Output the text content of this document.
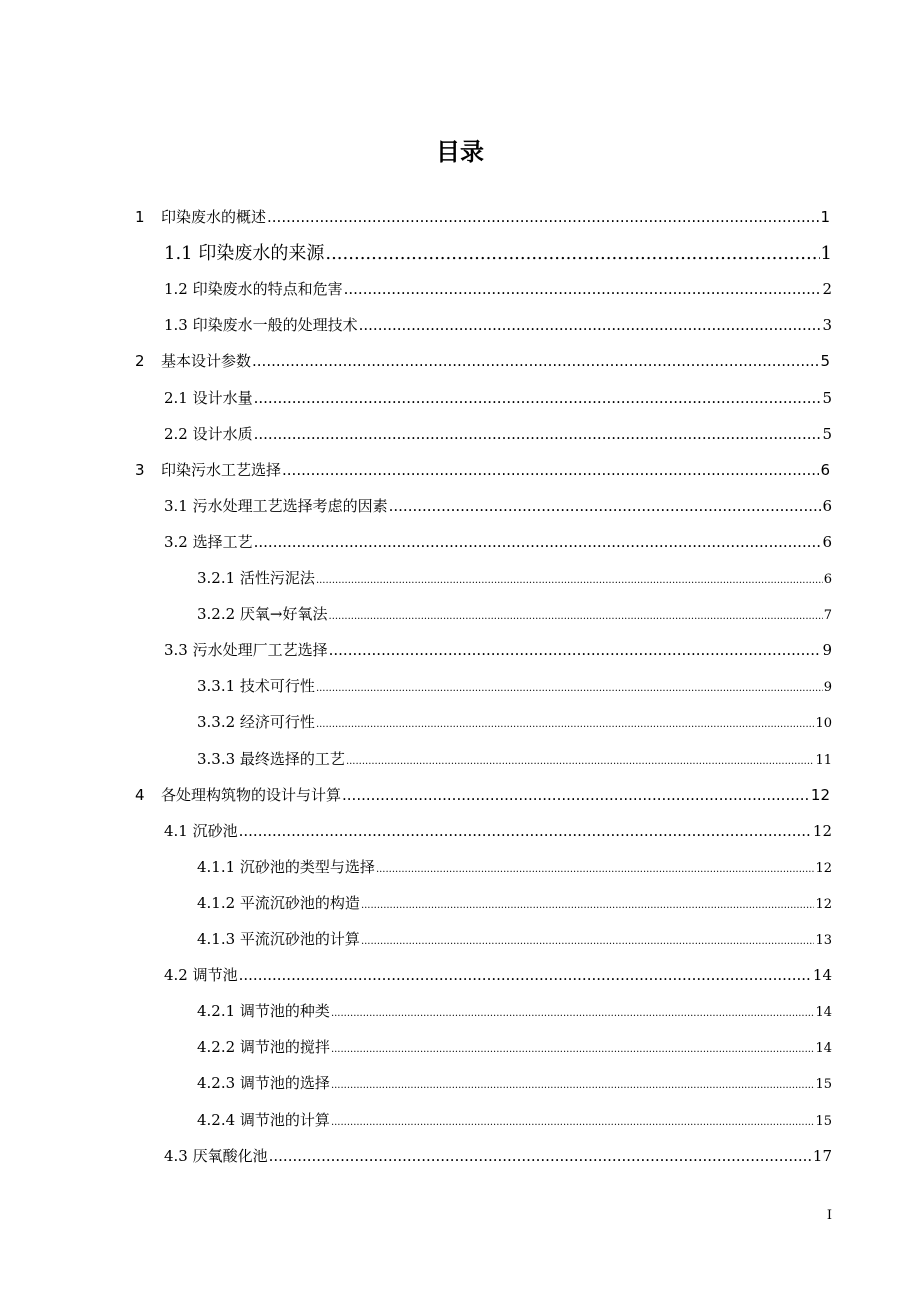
目录
1	印染废水的概述 .....	1
1.1 印染废水的来源 .....	1
1.2 印染废水的特点和危害 .....	2
1.3 印染废水一般的处理技术 .....	3
2	基本设计参数 .....	5
2.1 设计水量 .....	5
2.2 设计水质 .....	5
3	印染污水工艺选择 .....	6
3.1 污水处理工艺选择考虑的因素 .....	6
3.2 选择工艺 .....	6
3.2.1 活性污泥法 .....	6
3.2.2 厌氧→好氧法 .....	7
3.3 污水处理厂工艺选择 .....	9
3.3.1 技术可行性 .....	9
3.3.2 经济可行性 .....	10
3.3.3 最终选择的工艺 .....	11
4	各处理构筑物的设计与计算 .....	12
4.1 沉砂池 .....	12
4.1.1 沉砂池的类型与选择 .....	12
4.1.2 平流沉砂池的构造 .....	12
4.1.3 平流沉砂池的计算 .....	13
4.2 调节池 .....	14
4.2.1 调节池的种类 .....	14
4.2.2 调节池的搅拌 .....	14
4.2.3 调节池的选择 .....	15
4.2.4 调节池的计算 .....	15
4.3 厌氧酸化池 .....	17
I
